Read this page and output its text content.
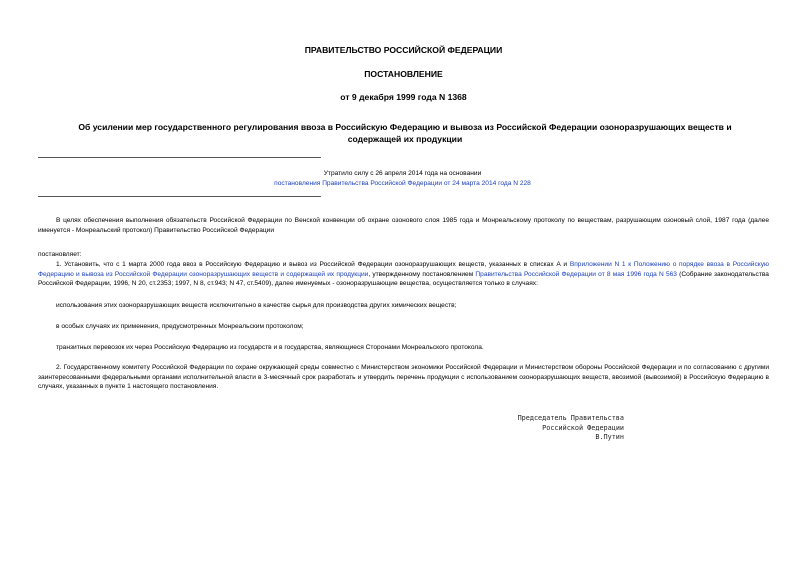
ПРАВИТЕЛЬСТВО РОССИЙСКОЙ ФЕДЕРАЦИИ
ПОСТАНОВЛЕНИЕ
от 9 декабря 1999 года N 1368
Об усилении мер государственного регулирования ввоза в Российскую Федерацию и вывоза из Российской Федерации озоноразрушающих веществ и содержащей их продукции
Утратило силу с 26 апреля 2014 года на основании
постановления Правительства Российской Федерации от 24 марта 2014 года N 228
В целях обеспечения выполнения обязательств Российской Федерации по Венской конвенции об охране озонового слоя 1985 года и Монреальскому протоколу по веществам, разрушающим озоновый слой, 1987 года (далее именуется - Монреальский протокол) Правительство Российской Федерации
постановляет:
1. Установить, что с 1 марта 2000 года ввоз в Российскую Федерацию и вывоз из Российской Федерации озоноразрушающих веществ, указанных в списках А и Вприложении N 1 к Положению о порядке ввоза в Российскую Федерацию и вывоза из Российской Федерации озоноразрушающих веществ и содержащей их продукции, утвержденному постановлением Правительства Российской Федерации от 8 мая 1996 года N 563 (Собрание законодательства Российской Федерации, 1996, N 20, ст.2353; 1997, N 8, ст.943; N 47, ст.5409), далее именуемых - озоноразрушающие вещества, осуществляется только в случаях:
использования этих озоноразрушающих веществ исключительно в качестве сырья для производства других химических веществ;
в особых случаях их применения, предусмотренных Монреальским протоколом;
транзитных перевозок их через Российскую Федерацию из государств и в государства, являющиеся Сторонами Монреальского протокола.
2. Государственному комитету Российской Федерации по охране окружающей среды совместно с Министерством экономики Российской Федерации и Министерством обороны Российской Федерации и по согласованию с другими заинтересованными федеральными органами исполнительной власти в 3-месячный срок разработать и утвердить перечень продукции с использованием озоноразрушающих веществ, ввозимой (вывозимой) в Российскую Федерацию в случаях, указанных в пункте 1 настоящего постановления.
Председатель Правительства
Российской Федерации
В.Путин
